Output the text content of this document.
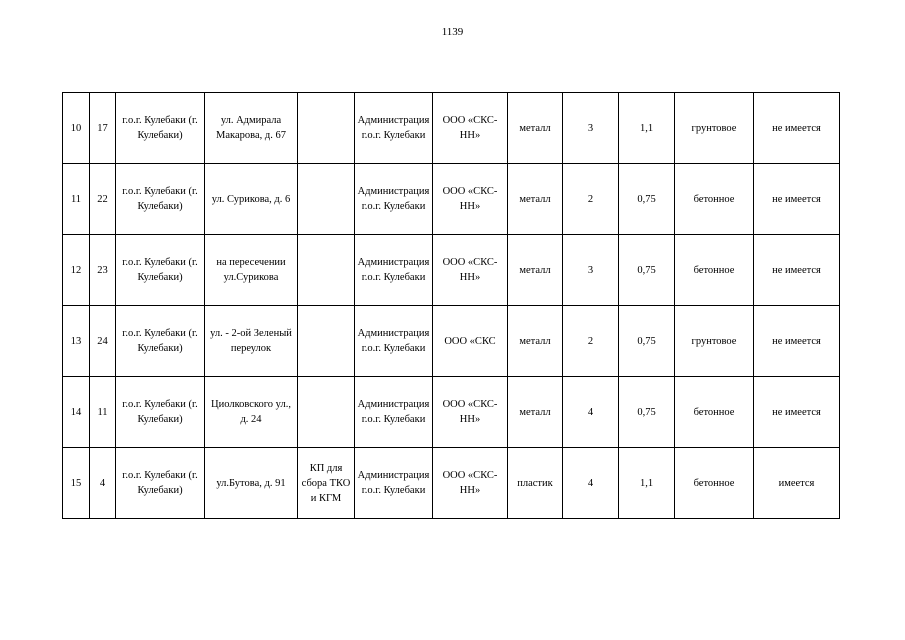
1139
10	17	г.о.г. Кулебаки (г. Кулебаки)	ул. Адмирала Макарова, д. 67		Администрация г.о.г. Кулебаки	ООО «СКС-НН»	металл	3	1,1	грунтовое	не имеется
11	22	г.о.г. Кулебаки (г. Кулебаки)	ул. Сурикова, д. 6		Администрация г.о.г. Кулебаки	ООО «СКС-НН»	металл	2	0,75	бетонное	не имеется
12	23	г.о.г. Кулебаки (г. Кулебаки)	на пересечении ул.Сурикова		Администрация г.о.г. Кулебаки	ООО «СКС-НН»	металл	3	0,75	бетонное	не имеется
13	24	г.о.г. Кулебаки (г. Кулебаки)	ул. - 2-ой Зеленый переулок		Администрация г.о.г. Кулебаки	ООО «СКС	металл	2	0,75	грунтовое	не имеется
14	11	г.о.г. Кулебаки (г. Кулебаки)	Циолковского ул., д. 24		Администрация г.о.г. Кулебаки	ООО «СКС-НН»	металл	4	0,75	бетонное	не имеется
15	4	г.о.г. Кулебаки (г. Кулебаки)	ул.Бутова, д. 91	КП для сбора ТКО и КГМ	Администрация г.о.г. Кулебаки	ООО «СКС-НН»	пластик	4	1,1	бетонное	имеется
